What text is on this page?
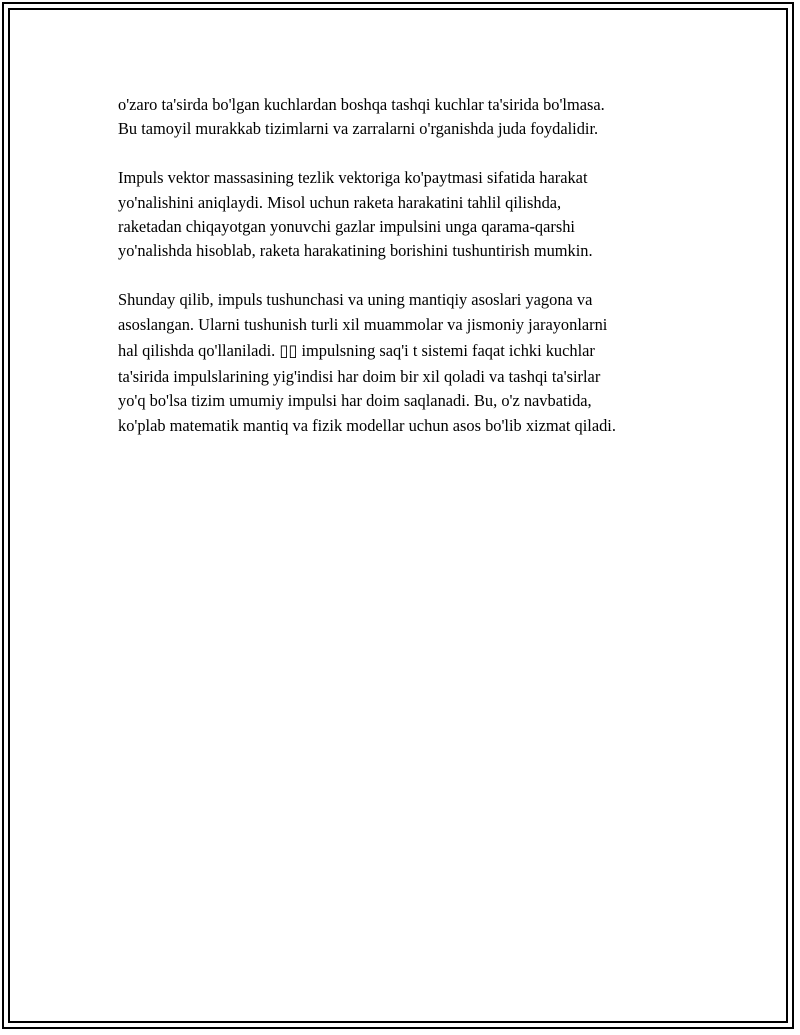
o'zaro ta'sirda bo'lgan kuchlardan boshqa tashqi kuchlar ta'sirida bo'lmasa.
Bu tamoyil murakkab tizimlarni va zarralarni o'rganishda juda foydalidir.

Impuls vektor massasining tezlik vektoriga ko'paytmasi sifatida harakat
yo'nalishini aniqlaydi. Misol uchun raketa harakatini tahlil qilishda,
raketadan chiqayotgan yonuvchi gazlar impulsini unga qarama-qarshi
yo'nalishda hisoblab, raketa harakatining borishini tushuntirish mumkin.

Shunday qilib, impuls tushunchasi va uning mantiqiy asoslari yagona va
asoslangan. Ularni tushunish turli xil muammolar va jismoniy jarayonlarni
hal qilishda qo'llaniladi. ▯▯ impulsning saq'i t sistemi faqat ichki kuchlar
ta'sirida impulslarining yig'indisi har doim bir xil qoladi va tashqi ta'sirlar
yo'q bo'lsa tizim umumiy impulsi har doim saqlanadi. Bu, o'z navbatida,
ko'plab matematik mantiq va fizik modellar uchun asos bo'lib xizmat qiladi.
